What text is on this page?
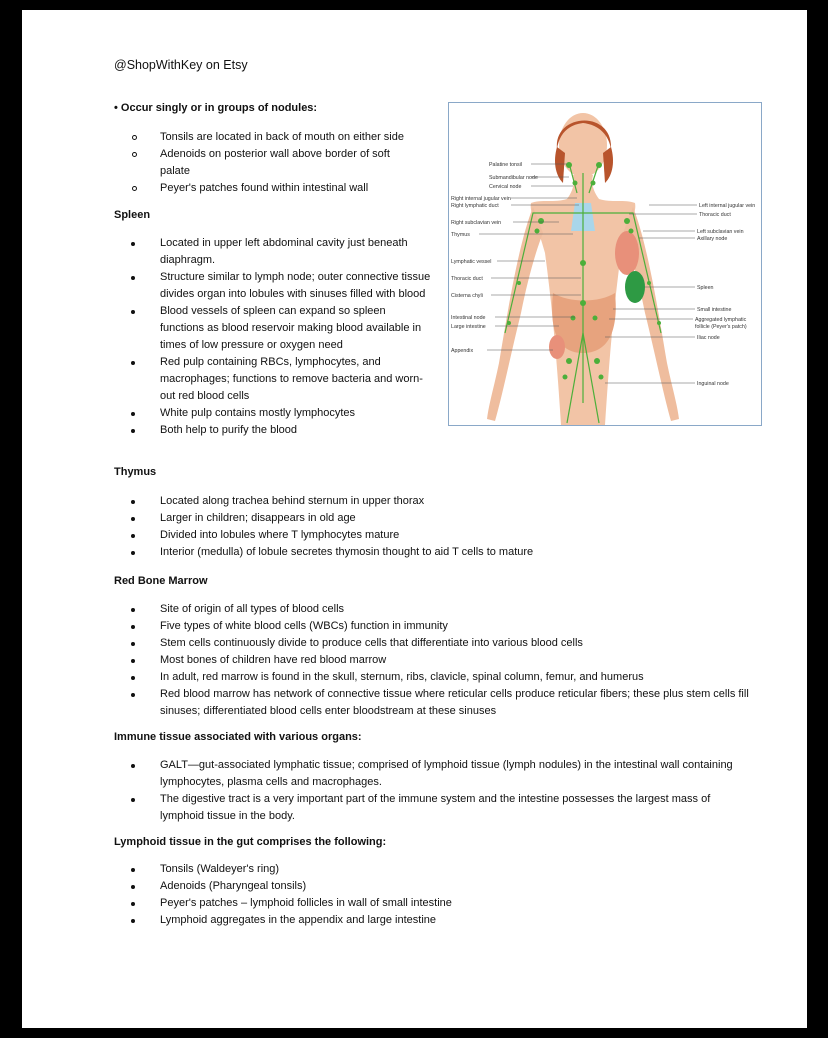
@ShopWithKey on Etsy
• Occur singly or in groups of nodules:
Tonsils are located in back of mouth on either side
Adenoids on posterior wall above border of soft palate
Peyer's patches found within intestinal wall
Spleen
Located in upper left abdominal cavity just beneath diaphragm.
Structure similar to lymph node; outer connective tissue divides organ into lobules with sinuses filled with blood
Blood vessels of spleen can expand so spleen functions as blood reservoir making blood available in times of low pressure or oxygen need
Red pulp containing RBCs, lymphocytes, and macrophages; functions to remove bacteria and worn-out red blood cells
White pulp contains mostly lymphocytes
Both help to purify the blood
Thymus
Located along trachea behind sternum in upper thorax
Larger in children; disappears in old age
Divided into lobules where T lymphocytes mature
Interior (medulla) of lobule secretes thymosin thought to aid T cells to mature
Red Bone Marrow
Site of origin of all types of blood cells
Five types of white blood cells (WBCs) function in immunity
Stem cells continuously divide to produce cells that differentiate into various blood cells
Most bones of children have red blood marrow
In adult, red marrow is found in the skull, sternum, ribs, clavicle, spinal column, femur, and humerus
Red blood marrow has network of connective tissue where reticular cells produce reticular fibers; these plus stem cells fill sinuses; differentiated blood cells enter bloodstream at these sinuses
Immune tissue associated with various organs:
GALT—gut-associated lymphatic tissue; comprised of lymphoid tissue (lymph nodules) in the intestinal wall containing lymphocytes, plasma cells and macrophages.
The digestive tract is a very important part of the immune system and the intestine possesses the largest mass of lymphoid tissue in the body.
Lymphoid tissue in the gut comprises the following:
Tonsils (Waldeyer's ring)
Adenoids (Pharyngeal tonsils)
Peyer's patches – lymphoid follicles in wall of small intestine
Lymphoid aggregates in the appendix and large intestine
Palatine tonsil
Submandibular node
Cervical node
Right internal jugular vein
Right lymphatic duct
Right subclavian vein
Thymus
Lymphatic vessel
Thoracic duct
Cisterna chyli
Intestinal node
Large intestine
Appendix
Left internal jugular vein
Thoracic duct
Left subclavian vein
Axillary node
Spleen
Small intestine
Aggregated lymphatic
follicle (Peyer's patch)
Iliac node
Inguinal node
